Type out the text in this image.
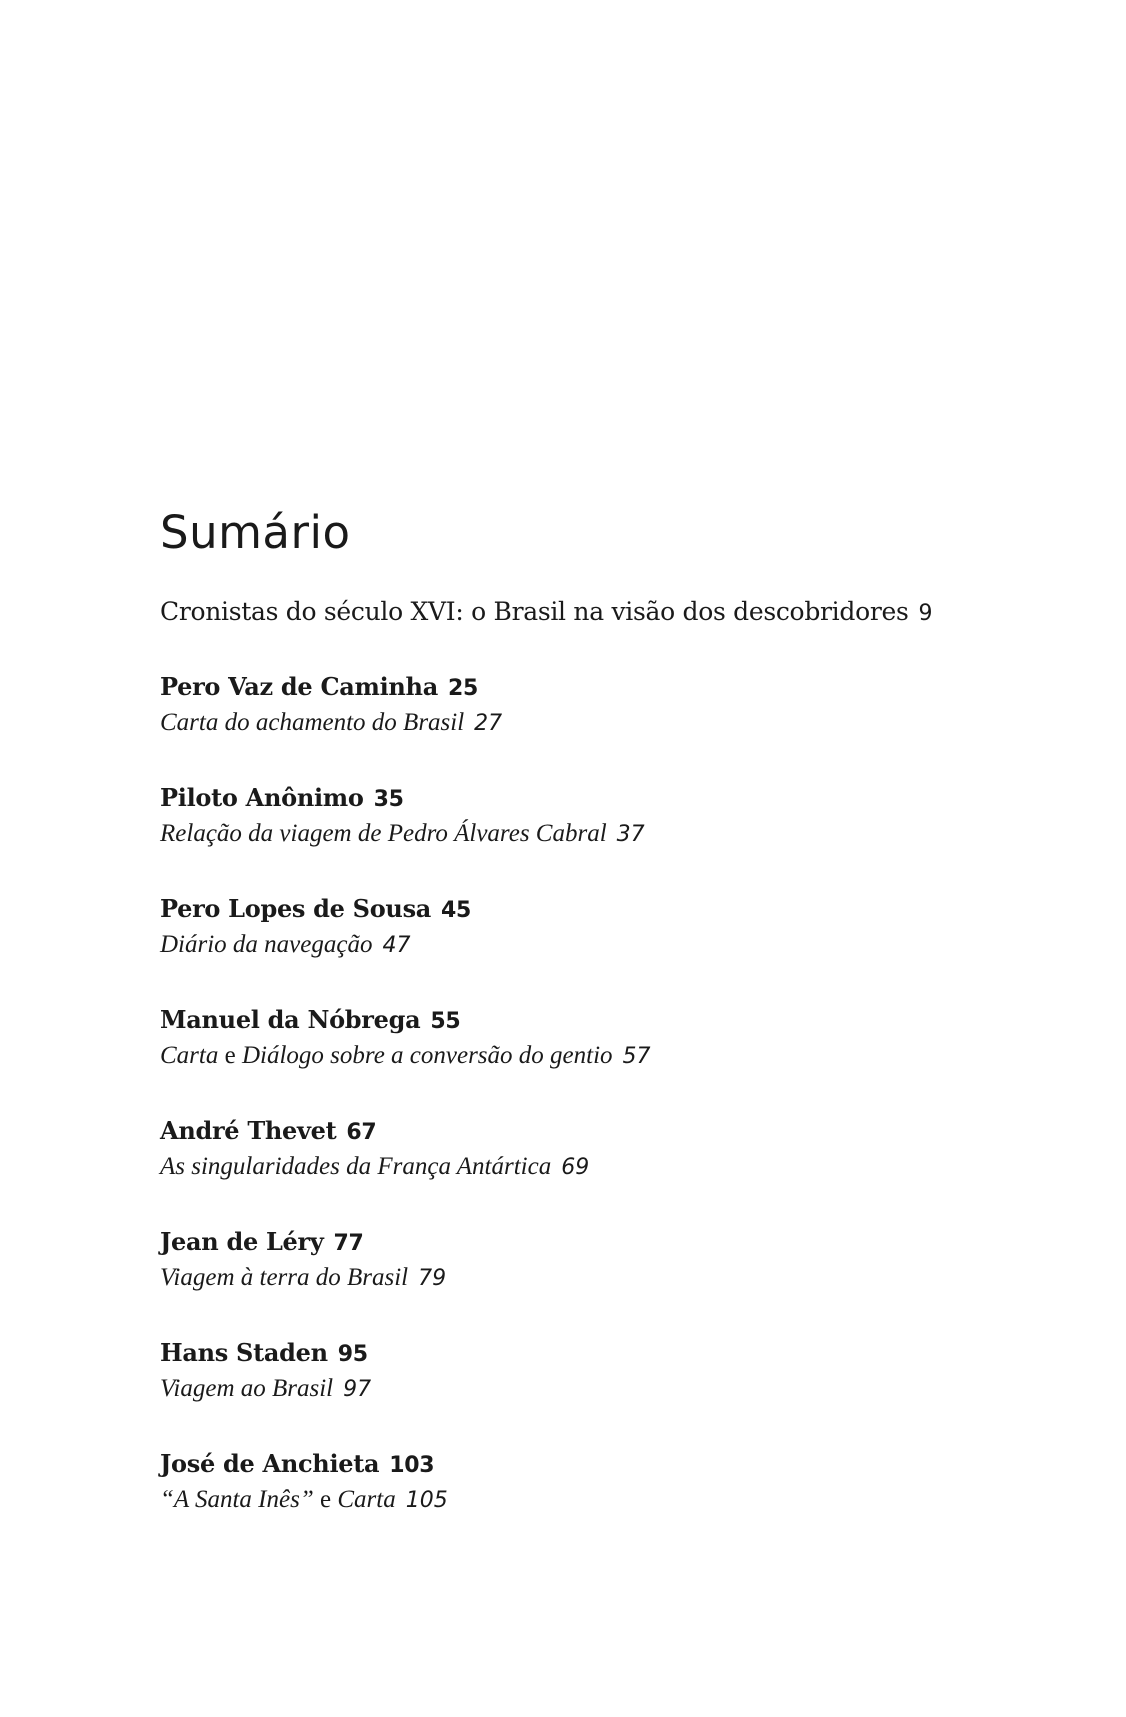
Sumário
Cronistas do século XVI: o Brasil na visão dos descobridores 9
Pero Vaz de Caminha 25
Carta do achamento do Brasil 27
Piloto Anônimo 35
Relação da viagem de Pedro Álvares Cabral 37
Pero Lopes de Sousa 45
Diário da navegação 47
Manuel da Nóbrega 55
Carta e Diálogo sobre a conversão do gentio 57
André Thevet 67
As singularidades da França Antártica 69
Jean de Léry 77
Viagem à terra do Brasil 79
Hans Staden 95
Viagem ao Brasil 97
José de Anchieta 103
“A Santa Inês” e Carta 105
